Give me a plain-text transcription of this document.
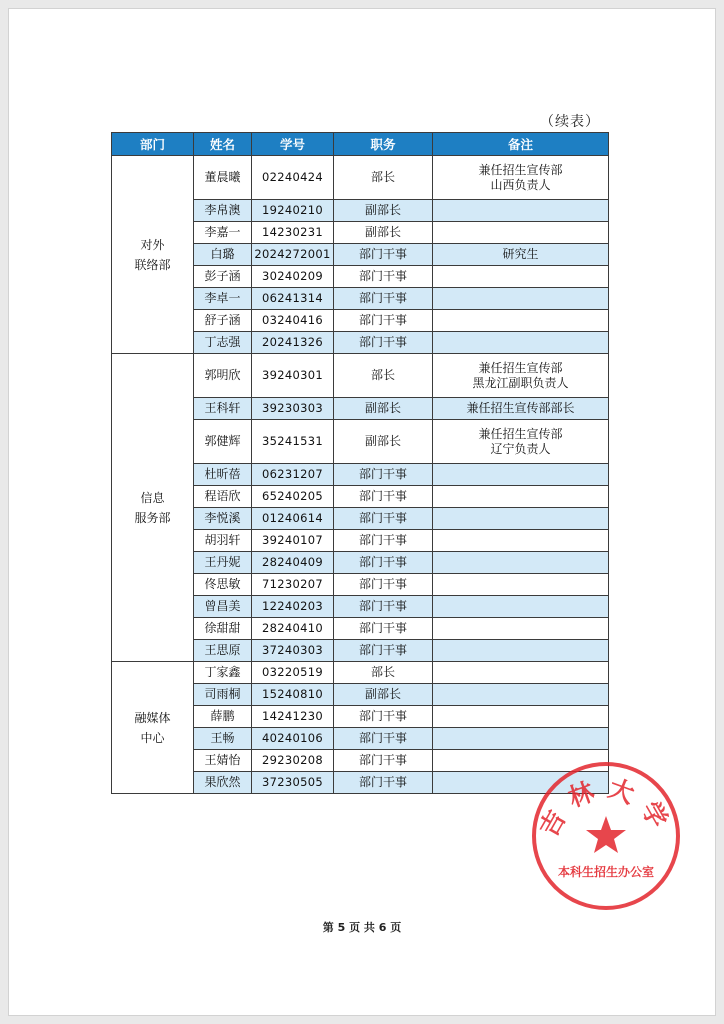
（续表）
部门	姓名	学号	职务	备注

对外
联络部	董晨曦	02240424	部长	兼任招生宣传部
山西负责人

	李帛澳	19240210	副部长	
	李嘉一	14230231	副部长	
	白璐	2024272001	部门干事	研究生
	彭子涵	30240209	部门干事	
	李卓一	06241314	部门干事	
	舒子涵	03240416	部门干事	
	丁志强	20241326	部门干事	

信息
服务部	郭明欣	39240301	部长	兼任招生宣传部
黑龙江副职负责人

	王科轩	39230303	副部长	兼任招生宣传部部长
	郭健辉	35241531	副部长	兼任招生宣传部
辽宁负责人

	杜昕蓓	06231207	部门干事	
	程语欣	65240205	部门干事	
	李悦溪	01240614	部门干事	
	胡羽轩	39240107	部门干事	
	王丹妮	28240409	部门干事	
	佟思敏	71230207	部门干事	
	曾昌美	12240203	部门干事	
	徐甜甜	28240410	部门干事	
	王思原	37240303	部门干事	

融媒体
中心	丁家鑫	03220519	部长	
	司雨桐	15240810	副部长	
	薛鹏	14241230	部门干事	
	王畅	40240106	部门干事	
	王婧怡	29230208	部门干事	
	果欣然	37230505	部门干事	
吉林大学
本科生招生办公室
第 5 页 共 6 页
